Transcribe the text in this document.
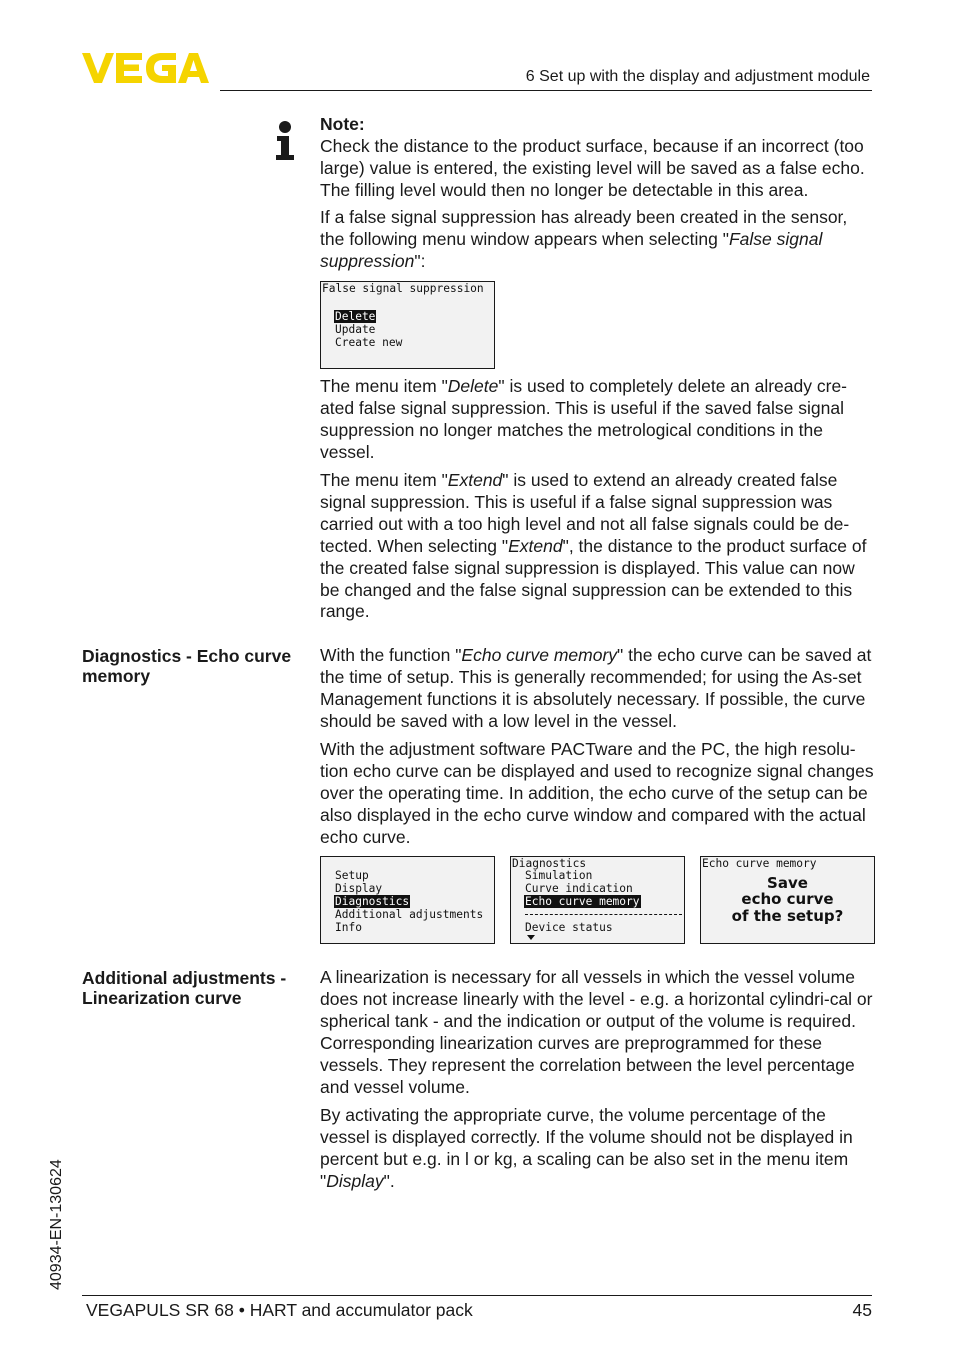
6 Set up with the display and adjustment module
Note:
Check the distance to the product surface, because if an incorrect (too large) value is entered, the existing level will be saved as a false echo. The filling level would then no longer be detectable in this area.
If a false signal suppression has already been created in the sensor, the following menu window appears when selecting "False signal suppression":
False signal suppression
Delete
Update
Create new
The menu item "Delete" is used to completely delete an already cre-ated false signal suppression. This is useful if the saved false signal suppression no longer matches the metrological conditions in the vessel.
The menu item "Extend" is used to extend an already created false signal suppression. This is useful if a false signal suppression was carried out with a too high level and not all false signals could be de-tected. When selecting "Extend", the distance to the product surface of the created false signal suppression is displayed. This value can now be changed and the false signal suppression can be extended to this range.
Diagnostics - Echo curve memory
With the function "Echo curve memory" the echo curve can be saved at the time of setup. This is generally recommended; for using the As-set Management functions it is absolutely necessary. If possible, the curve should be saved with a low level in the vessel.
With the adjustment software PACTware and the PC, the high resolu-tion echo curve can be displayed and used to recognize signal changes over the operating time. In addition, the echo curve of the setup can be also displayed in the echo curve window and compared with the actual echo curve.
Setup
Display
Diagnostics
Additional adjustments
Info
Diagnostics
Simulation
Curve indication
Echo curve memory
Device status
Echo curve memory
Save
echo curve
of the setup?
Additional adjustments - Linearization curve
A linearization is necessary for all vessels in which the vessel volume does not increase linearly with the level - e.g. a horizontal cylindri-cal or spherical tank - and the indication or output of the volume is required. Corresponding linearization curves are preprogrammed for these vessels. They represent the correlation between the level percentage and vessel volume.
By activating the appropriate curve, the volume percentage of the vessel is displayed correctly. If the volume should not be displayed in percent but e.g. in l or kg, a scaling can be also set in the menu item "Display".
40934-EN-130624
VEGAPULS SR 68 • HART and accumulator pack	45
